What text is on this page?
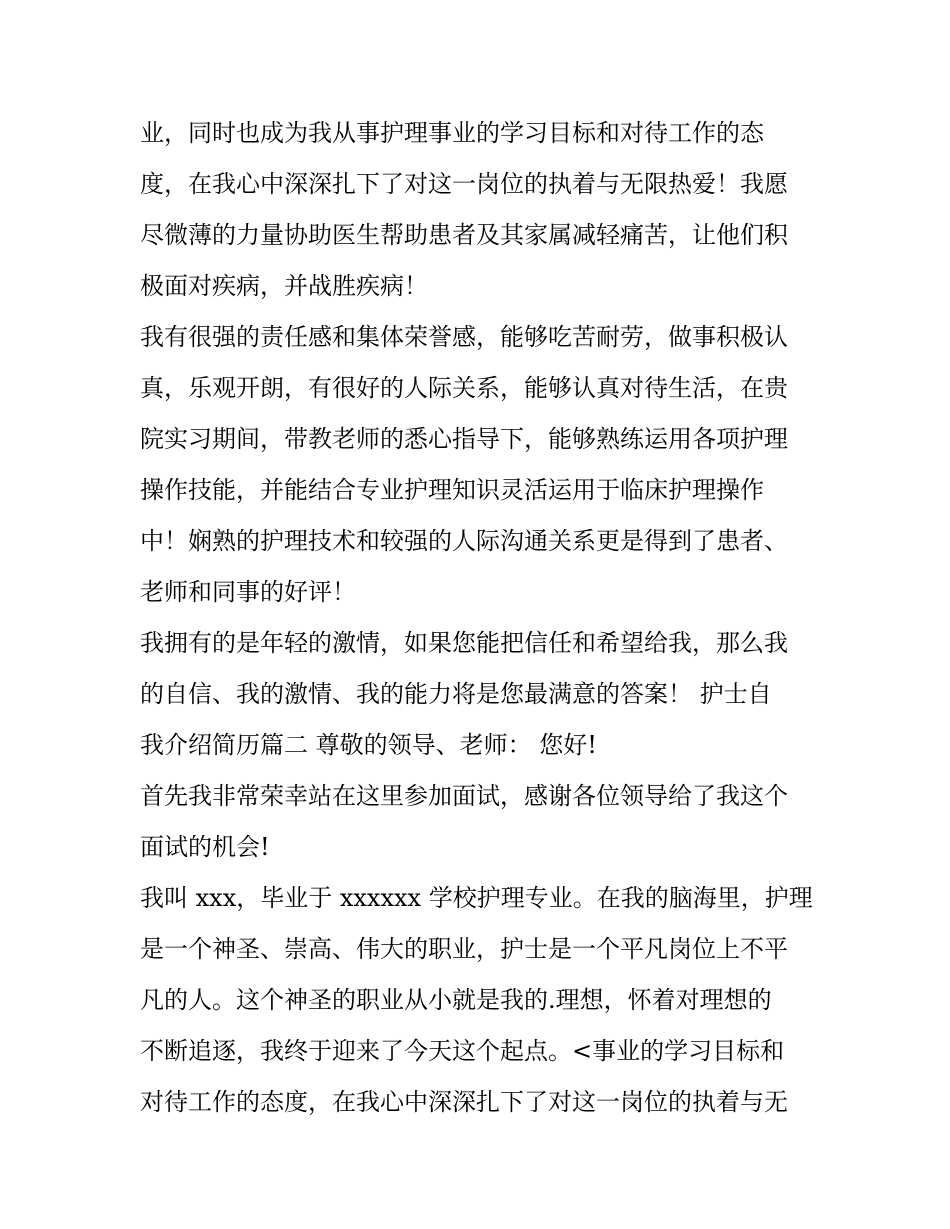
业，同时也成为我从事护理事业的学习目标和对待工作的态
度，在我心中深深扎下了对这一岗位的执着与无限热爱！我愿
尽微薄的力量协助医生帮助患者及其家属减轻痛苦，让他们积
极面对疾病，并战胜疾病！
我有很强的责任感和集体荣誉感，能够吃苦耐劳，做事积极认
真，乐观开朗，有很好的人际关系，能够认真对待生活，在贵
院实习期间，带教老师的悉心指导下，能够熟练运用各项护理
操作技能，并能结合专业护理知识灵活运用于临床护理操作
中！娴熟的护理技术和较强的人际沟通关系更是得到了患者、
老师和同事的好评！
我拥有的是年轻的激情，如果您能把信任和希望给我，那么我
的自信、我的激情、我的能力将是您最满意的答案！ 护士自
我介绍简历篇二 尊敬的领导、老师： 您好!
首先我非常荣幸站在这里参加面试，感谢各位领导给了我这个
面试的机会!
我叫 xxx，毕业于 xxxxxx 学校护理专业。在我的脑海里，护理
是一个神圣、崇高、伟大的职业，护士是一个平凡岗位上不平
凡的人。这个神圣的职业从小就是我的.理想，怀着对理想的
不断追逐，我终于迎来了今天这个起点。<事业的学习目标和
对待工作的态度，在我心中深深扎下了对这一岗位的执着与无
